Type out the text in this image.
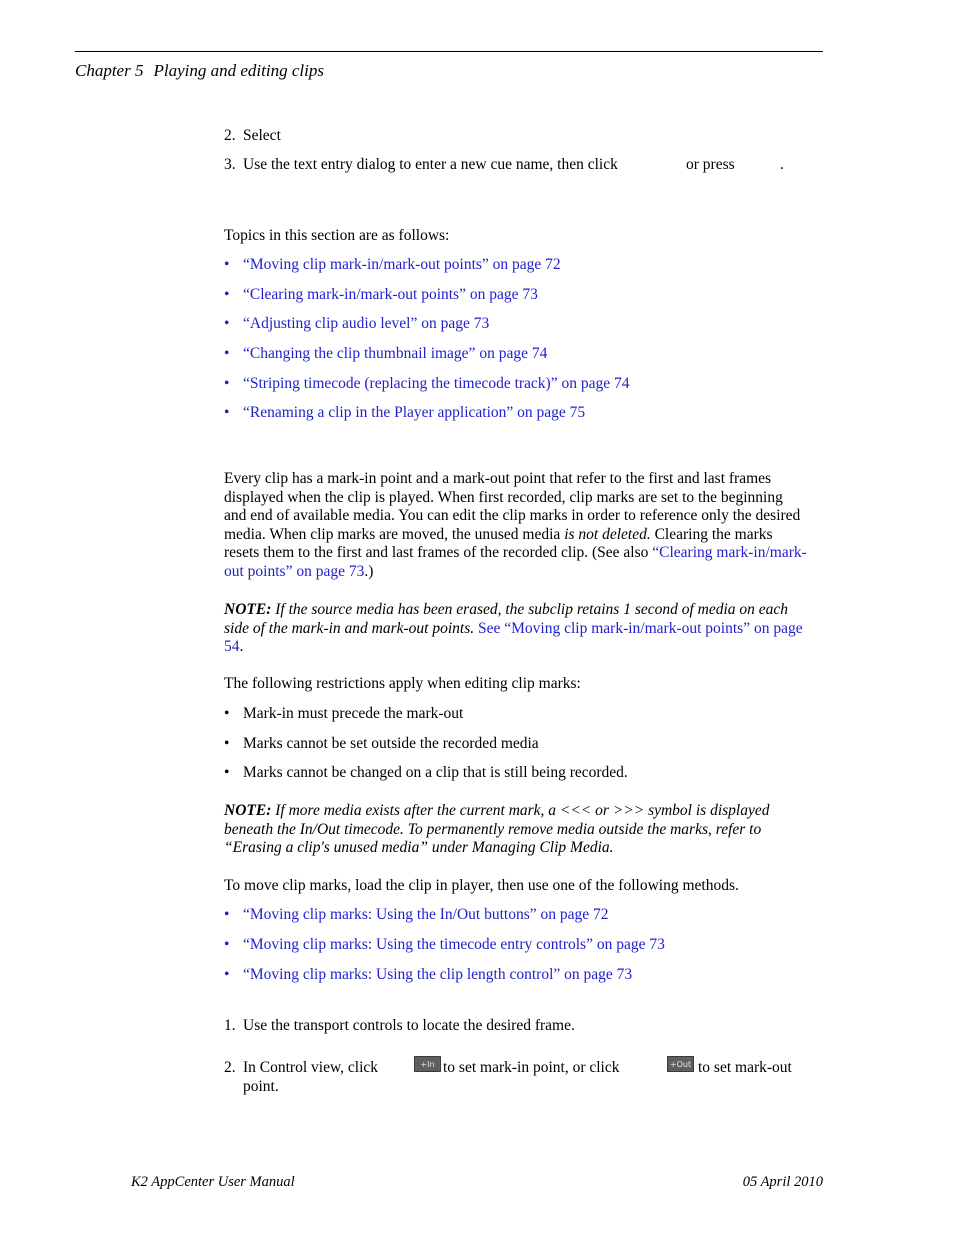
Chapter 5 Playing and editing clips
2. Select
3. Use the text entry dialog to enter a new cue name, then click	or press	.
Topics in this section are as follows:
• “Moving clip mark-in/mark-out points” on page 72
• “Clearing mark-in/mark-out points” on page 73
• “Adjusting clip audio level” on page 73
• “Changing the clip thumbnail image” on page 74
• “Striping timecode (replacing the timecode track)” on page 74
• “Renaming a clip in the Player application” on page 75
Every clip has a mark-in point and a mark-out point that refer to the first and last frames displayed when the clip is played. When first recorded, clip marks are set to the beginning and end of available media. You can edit the clip marks in order to reference only the desired media. When clip marks are moved, the unused media is not deleted. Clearing the marks resets them to the first and last frames of the recorded clip. (See also “Clearing mark-in/mark-out points” on page 73.)
NOTE: If the source media has been erased, the subclip retains 1 second of media on each side of the mark-in and mark-out points. See “Moving clip mark-in/mark-out points” on page 54.
The following restrictions apply when editing clip marks:
• Mark-in must precede the mark-out
• Marks cannot be set outside the recorded media
• Marks cannot be changed on a clip that is still being recorded.
NOTE: If more media exists after the current mark, a <<< or >>> symbol is displayed beneath the In/Out timecode. To permanently remove media outside the marks, refer to “Erasing a clip's unused media” under Managing Clip Media.
To move clip marks, load the clip in player, then use one of the following methods.
• “Moving clip marks: Using the In/Out buttons” on page 72
• “Moving clip marks: Using the timecode entry controls” on page 73
• “Moving clip marks: Using the clip length control” on page 73
1. Use the transport controls to locate the desired frame.
2. In Control view, click	+In to set mark-in point, or click	+Out to set mark-out
point.
K2 AppCenter User Manual	05 April 2010
